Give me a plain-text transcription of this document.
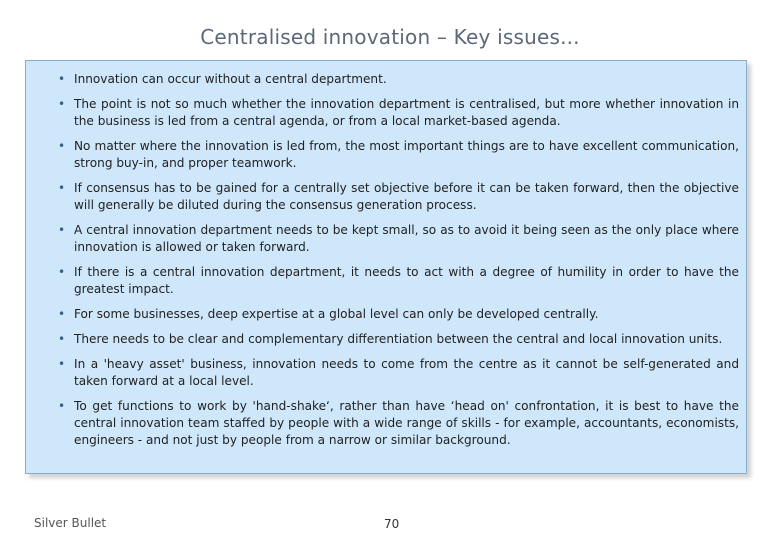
Centralised innovation – Key issues...
• Innovation can occur without a central department.
• The point is not so much whether the innovation department is centralised, but more whether innovation in the business is led from a central agenda, or from a local market-based agenda.
• No matter where the innovation is led from, the most important things are to have excellent communication, strong buy-in, and proper teamwork.
• If consensus has to be gained for a centrally set objective before it can be taken forward, then the objective will generally be diluted during the consensus generation process.
• A central innovation department needs to be kept small, so as to avoid it being seen as the only place where innovation is allowed or taken forward.
• If there is a central innovation department, it needs to act with a degree of humility in order to have the greatest impact.
• For some businesses, deep expertise at a global level can only be developed centrally.
• There needs to be clear and complementary differentiation between the central and local innovation units.
• In a 'heavy asset' business, innovation needs to come from the centre as it cannot be self-generated and taken forward at a local level.
• To get functions to work by 'hand-shake‘, rather than have ‘head on' confrontation, it is best to have the central innovation team staffed by people with a wide range of skills - for example, accountants, economists, engineers - and not just by people from a narrow or similar background.
Silver Bullet	70
